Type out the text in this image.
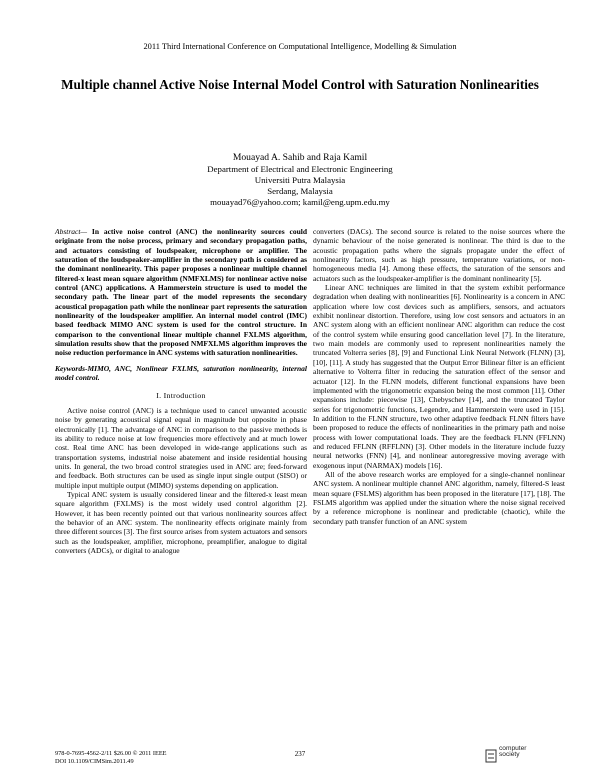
2011 Third International Conference on Computational Intelligence, Modelling & Simulation
Multiple channel Active Noise Internal Model Control with Saturation Nonlinearities
Mouayad A. Sahib and Raja Kamil
Department of Electrical and Electronic Engineering
Universiti Putra Malaysia
Serdang, Malaysia
mouayad76@yahoo.com; kamil@eng.upm.edu.my

Abstract— In active noise control (ANC) the nonlinearity sources could originate from the noise process, primary and secondary propagation paths, and actuators consisting of loudspeaker, microphone or amplifier. The saturation of the loudspeaker-amplifier in the secondary path is considered as the dominant nonlinearity. This paper proposes a nonlinear multiple channel filtered-x least mean square algorithm (NMFXLMS) for nonlinear active noise control (ANC) applications. A Hammerstein structure is used to model the secondary path. The linear part of the model represents the secondary acoustical propagation path while the nonlinear part represents the saturation nonlinearity of the loudspeaker amplifier. An internal model control (IMC) based feedback MIMO ANC system is used for the control structure. In comparison to the conventional linear multiple channel FXLMS algorithm, simulation results show that the proposed NMFXLMS algorithm improves the noise reduction performance in ANC systems with saturation nonlinearities.

Keywords-MIMO, ANC, Nonlinear FXLMS, saturation nonlinearity, internal model control.

I. Introduction

Active noise control (ANC) is a technique used to cancel unwanted acoustic noise by generating acoustical signal equal in magnitude but opposite in phase electronically [1]. The advantage of ANC in comparison to the passive methods is its ability to reduce noise at low frequencies more effectively and at much lower cost. Real time ANC has been developed in wide-range applications such as transportation systems, industrial noise abatement and inside residential housing units. In general, the two broad control strategies used in ANC are; feed-forward and feedback. Both structures can be used as single input single output (SISO) or multiple input multiple output (MIMO) systems depending on application.

Typical ANC system is usually considered linear and the filtered-x least mean square algorithm (FXLMS) is the most widely used control algorithm [2]. However, it has been recently pointed out that various nonlinearity sources affect the behavior of an ANC system. The nonlinearity effects originate mainly from three different sources [3]. The first source arises from system actuators and sensors such as the loudspeaker, amplifier, microphone, preamplifier, analogue to digital converters (ADCs), or digital to analogue

converters (DACs). The second source is related to the noise sources where the dynamic behaviour of the noise generated is nonlinear. The third is due to the acoustic propagation paths where the signals propagate under the effect of nonlinearity factors, such as high pressure, temperature variations, or non-homogeneous media [4]. Among these effects, the saturation of the sensors and actuators such as the loudspeaker-amplifier is the dominant nonlinearity [5].

Linear ANC techniques are limited in that the system exhibit performance degradation when dealing with nonlinearities [6]. Nonlinearity is a concern in ANC application where low cost devices such as amplifiers, sensors, and actuators exhibit nonlinear distortion. Therefore, using low cost sensors and actuators in an ANC system along with an efficient nonlinear ANC algorithm can reduce the cost of the control system while ensuring good cancellation level [7]. In the literature, two main models are commonly used to represent nonlinearities namely the truncated Volterra series [8], [9] and Functional Link Neural Network (FLNN) [3], [10], [11]. A study has suggested that the Output Error Bilinear filter is an efficient alternative to Volterra filter in reducing the saturation effect of the sensor and actuator [12]. In the FLNN models, different functional expansions have been implemented with the trigonometric expansion being the most common [11]. Other expansions include: piecewise [13], Chebyschev [14], and the truncated Taylor series for trigonometric functions, Legendre, and Hammerstein were used in [15]. In addition to the FLNN structure, two other adaptive feedback FLNN filters have been proposed to reduce the effects of nonlinearities in the primary path and noise process with lower computational loads. They are the feedback FLNN (FFLNN) and reduced FFLNN (RFFLNN) [3]. Other models in the literature include fuzzy neural networks (FNN) [4], and nonlinear autoregressive moving average with exogenous input (NARMAX) models [16].

All of the above research works are employed for a single-channel nonlinear ANC system. A nonlinear multiple channel ANC algorithm, namely, filtered-S least mean square (FSLMS) algorithm has been proposed in the literature [17], [18]. The FSLMS algorithm was applied under the situation where the noise signal received by a reference microphone is nonlinear and predictable (chaotic), while the secondary path transfer function of an ANC system

978-0-7695-4562-2/11 $26.00 © 2011 IEEE
DOI 10.1109/CIMSim.2011.49
237
computer
society
